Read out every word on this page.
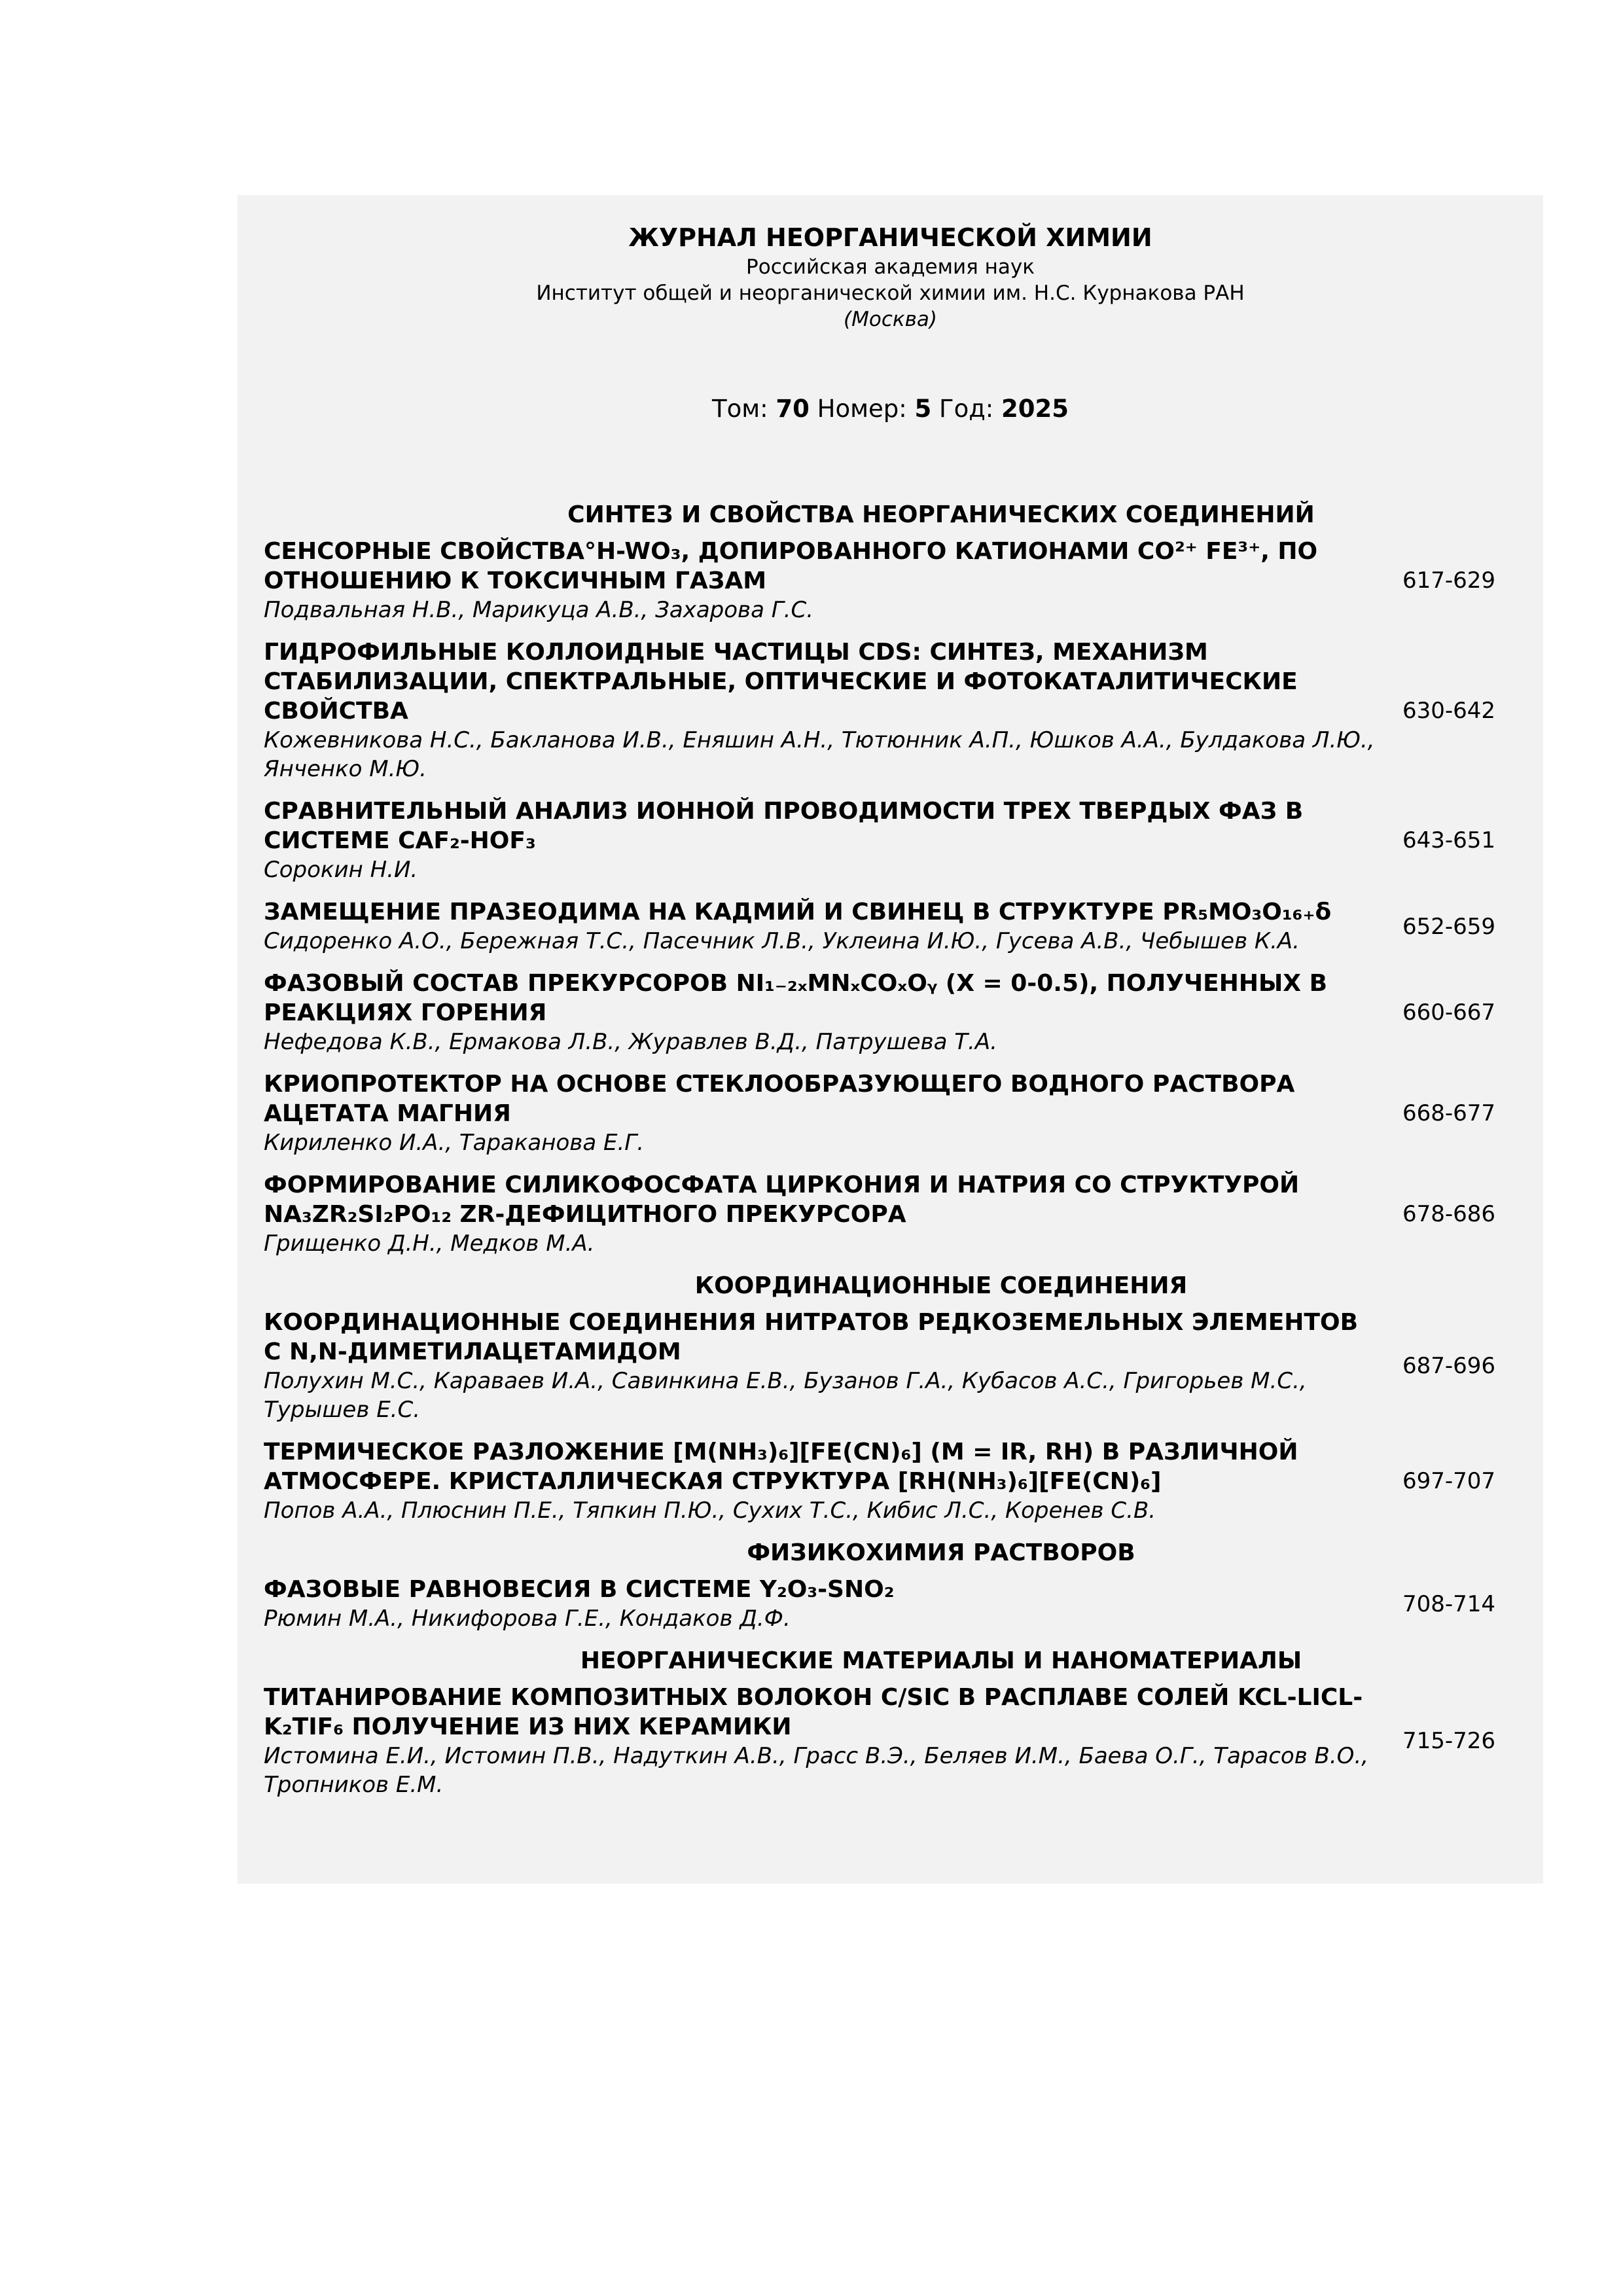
ЖУРНАЛ НЕОРГАНИЧЕСКОЙ ХИМИИ
Российская академия наук
Институт общей и неорганической химии им. Н.С. Курнакова РАН
(Москва)
Том: 70 Номер: 5 Год: 2025
СИНТЕЗ И СВОЙСТВА НЕОРГАНИЧЕСКИХ СОЕДИНЕНИЙ
СЕНСОРНЫЕ СВОЙСТВА°H-WO₃, ДОПИРОВАННОГО КАТИОНАМИ CO²⁺ FE³⁺, ПО ОТНОШЕНИЮ К ТОКСИЧНЫМ ГАЗАМ
Подвальная Н.В., Марикуца А.В., Захарова Г.С.
617-629
ГИДРОФИЛЬНЫЕ КОЛЛОИДНЫЕ ЧАСТИЦЫ CDS: СИНТЕЗ, МЕХАНИЗМ СТАБИЛИЗАЦИИ, СПЕКТРАЛЬНЫЕ, ОПТИЧЕСКИЕ И ФОТОКАТАЛИТИЧЕСКИЕ СВОЙСТВА
Кожевникова Н.С., Бакланова И.В., Еняшин А.Н., Тютюнник А.П., Юшков А.А., Булдакова Л.Ю., Янченко М.Ю.
630-642
СРАВНИТЕЛЬНЫЙ АНАЛИЗ ИОННОЙ ПРОВОДИМОСТИ ТРЕХ ТВЕРДЫХ ФАЗ В СИСТЕМЕ CAF₂-HOF₃
Сорокин Н.И.
643-651
ЗАМЕЩЕНИЕ ПРАЗЕОДИМА НА КАДМИЙ И СВИНЕЦ В СТРУКТУРЕ PR₅MO₃O₁₆₊δ
Сидоренко А.О., Бережная Т.С., Пасечник Л.В., Уклеина И.Ю., Гусева А.В., Чебышев К.А.
652-659
ФАЗОВЫЙ СОСТАВ ПРЕКУРСОРОВ NI₁₋₂ₓMNₓCOₓOᵧ (X = 0-0.5), ПОЛУЧЕННЫХ В РЕАКЦИЯХ ГОРЕНИЯ
Нефедова К.В., Ермакова Л.В., Журавлев В.Д., Патрушева Т.А.
660-667
КРИОПРОТЕКТОР НА ОСНОВЕ СТЕКЛООБРАЗУЮЩЕГО ВОДНОГО РАСТВОРА АЦЕТАТА МАГНИЯ
Кириленко И.А., Тараканова Е.Г.
668-677
ФОРМИРОВАНИЕ СИЛИКОФОСФАТА ЦИРКОНИЯ И НАТРИЯ СО СТРУКТУРОЙ NA₃ZR₂SI₂PO₁₂ ZR-ДЕФИЦИТНОГО ПРЕКУРСОРА
Грищенко Д.Н., Медков М.А.
678-686
КООРДИНАЦИОННЫЕ СОЕДИНЕНИЯ
КООРДИНАЦИОННЫЕ СОЕДИНЕНИЯ НИТРАТОВ РЕДКОЗЕМЕЛЬНЫХ ЭЛЕМЕНТОВ С N,N-ДИМЕТИЛАЦЕТАМИДОМ
Полухин М.С., Караваев И.А., Савинкина Е.В., Бузанов Г.А., Кубасов А.С., Григорьев М.С., Турышев Е.С.
687-696
ТЕРМИЧЕСКОЕ РАЗЛОЖЕНИЕ [M(NH₃)₆][FE(CN)₆] (M = IR, RH) В РАЗЛИЧНОЙ АТМОСФЕРЕ. КРИСТАЛЛИЧЕСКАЯ СТРУКТУРА [RH(NH₃)₆][FE(CN)₆]
Попов А.А., Плюснин П.Е., Тяпкин П.Ю., Сухих Т.С., Кибис Л.С., Коренев С.В.
697-707
ФИЗИКОХИМИЯ РАСТВОРОВ
ФАЗОВЫЕ РАВНОВЕСИЯ В СИСТЕМЕ Y₂O₃-SNO₂
Рюмин М.А., Никифорова Г.Е., Кондаков Д.Ф.
708-714
НЕОРГАНИЧЕСКИЕ МАТЕРИАЛЫ И НАНОМАТЕРИАЛЫ
ТИТАНИРОВАНИЕ КОМПОЗИТНЫХ ВОЛОКОН C/SIC В РАСПЛАВЕ СОЛЕЙ KCL-LICL-K₂TIF₆ ПОЛУЧЕНИЕ ИЗ НИХ КЕРАМИКИ
Истомина Е.И., Истомин П.В., Надуткин А.В., Грасс В.Э., Беляев И.М., Баева О.Г., Тарасов В.О., Тропников Е.М.
715-726
